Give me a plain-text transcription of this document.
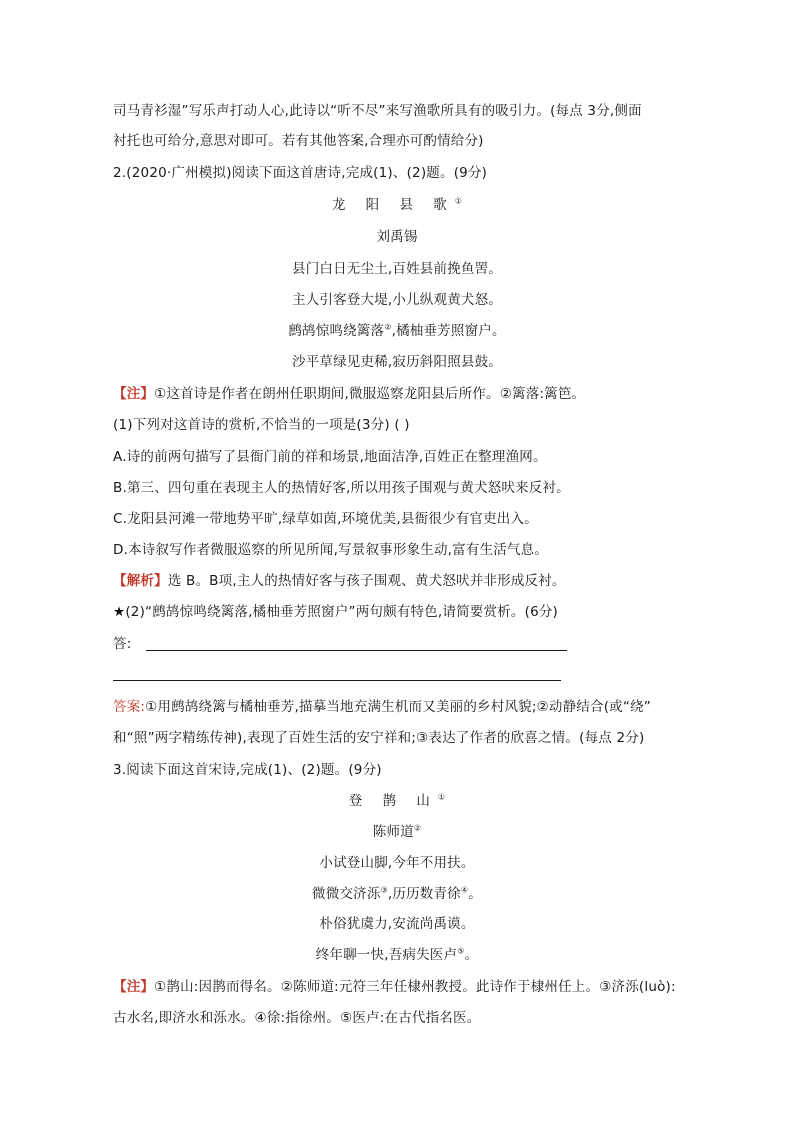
司马青衫湿”写乐声打动人心,此诗以“听不尽”来写渔歌所具有的吸引力。(每点 3分,侧面
衬托也可给分,意思对即可。若有其他答案,合理亦可酌情给分)
2.(2020·广州模拟)阅读下面这首唐诗,完成(1)、(2)题。(9分)
龙 阳 县 歌①
刘禹锡
县门白日无尘土,百姓县前挽鱼罟。
主人引客登大堤,小儿纵观黄犬怒。
鹧鸪惊鸣绕篱落②,橘柚垂芳照窗户。
沙平草绿见吏稀,寂历斜阳照县鼓。
【注】①这首诗是作者在朗州任职期间,微服巡察龙阳县后所作。②篱落:篱笆。
(1)下列对这首诗的赏析,不恰当的一项是(3分) ( )
A.诗的前两句描写了县衙门前的祥和场景,地面洁净,百姓正在整理渔网。
B.第三、四句重在表现主人的热情好客,所以用孩子围观与黄犬怒吠来反衬。
C.龙阳县河滩一带地势平旷,绿草如茵,环境优美,县衙很少有官吏出入。
D.本诗叙写作者微服巡察的所见所闻,写景叙事形象生动,富有生活气息。
【解析】选 B。B项,主人的热情好客与孩子围观、黄犬怒吠并非形成反衬。
★(2)“鹧鸪惊鸣绕篱落,橘柚垂芳照窗户”两句颇有特色,请简要赏析。(6分)
答:
答案:①用鹧鸪绕篱与橘柚垂芳,描摹当地充满生机而又美丽的乡村风貌;②动静结合(或“绕”
和“照”两字精练传神),表现了百姓生活的安宁祥和;③表达了作者的欣喜之情。(每点 2分)
3.阅读下面这首宋诗,完成(1)、(2)题。(9分)
登 鹊 山①
陈师道②
小试登山脚,今年不用扶。
微微交济泺③,历历数青徐④。
朴俗犹虞力,安流尚禹谟。
终年聊一快,吾病失医卢⑤。
【注】①鹊山:因鹊而得名。②陈师道:元符三年任棣州教授。此诗作于棣州任上。③济泺(luò):
古水名,即济水和泺水。④徐:指徐州。⑤医卢:在古代指名医。
